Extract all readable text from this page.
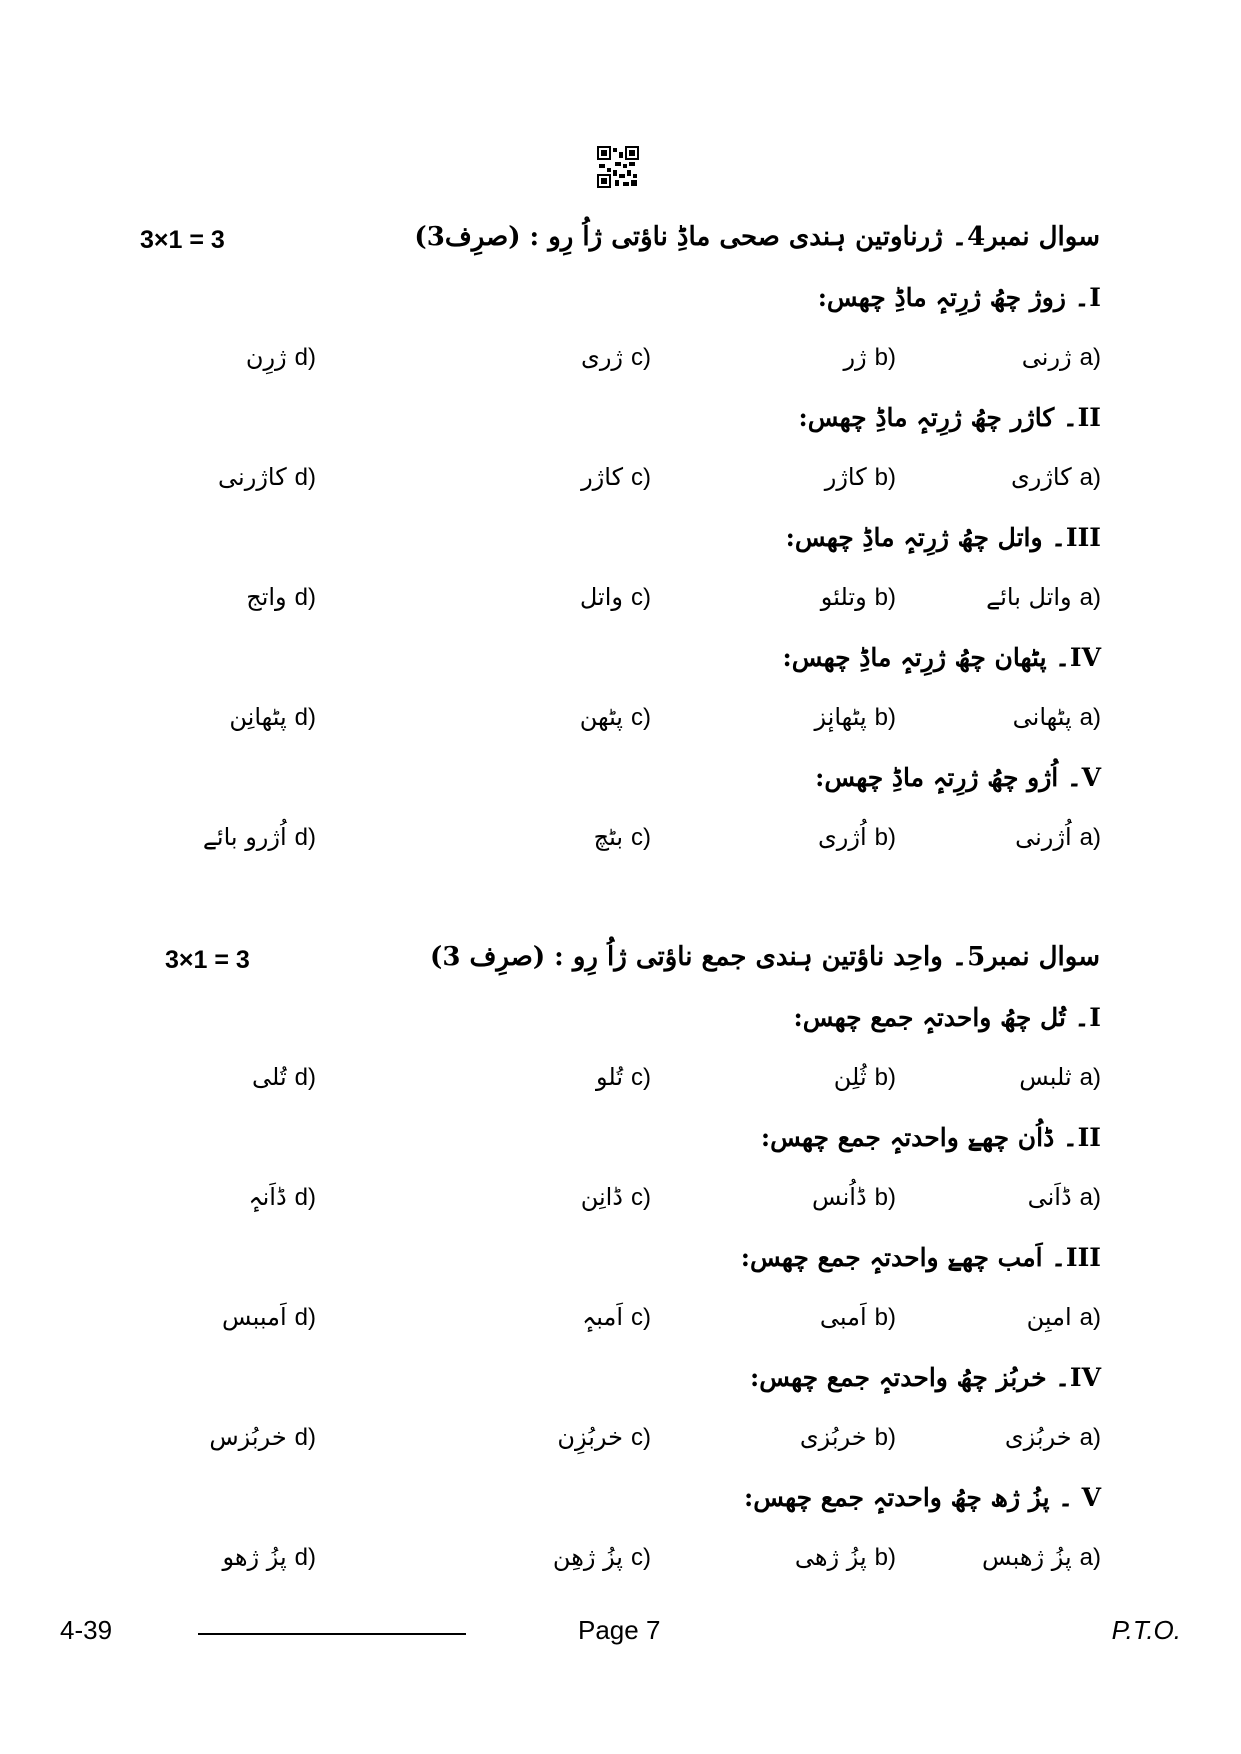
سوال نمبر4۔ ژرناوتین ہندی صحی ماڈِ ناؤتی ژاُ رِو : (صرِف3)
3×1 = 3
I۔ زوژ چھُ ژرِتہٕ ماڈِ چھس:
ژرنی a)
ژر b)
ژری c)
ژرِن d)
II۔ کاژر چھُ ژرِتہٕ ماڈِ چھس:
کاژری a)
کاژر b)
کاژر c)
کاژرنی d)
III۔ واتل چھُ ژرِتہٕ ماڈِ چھس:
واتل بائے a)
وتلئو b)
واتل c)
واتج d)
IV۔ پٹھان چھُ ژرِتہٕ ماڈِ چھس:
پٹھانی a)
پٹھانٕز b)
پٹھن c)
پٹھانِن d)
V۔ اُژو چھُ ژرِتہٕ ماڈِ چھس:
اُژرنی a)
اُژری b)
بٹچ c)
اُژرو بائے d)
سوال نمبر5۔ واحِد ناؤتین ہندی جمع ناؤتی ژاُ رِو : (صرِف 3)
3×1 = 3
I۔ تُل چھُ واحدتہٕ جمع چھس:
ثلبس a)
ثُلِن b)
تُلو c)
تُلی d)
II۔ ڈاُن چھےٚ واحدتہٕ جمع چھس:
ڈاَنی a)
ڈاُنس b)
ڈانِن c)
ڈاَنہٕ d)
III۔ اَمب چھےٚ واحدتہٕ جمع چھس:
امبِن a)
اَمبی b)
اَمبہٕ c)
اَمببس d)
IV۔ خربُز چھُ واحدتہٕ جمع چھس:
خربُزی a)
خربُزی b)
خربُزِن c)
خربُزس d)
V ۔ پزُ ژھ چھُ واحدتہٕ جمع چھس:
پزُ ژھبس a)
پزُ ژھی b)
پزُ ژھِن c)
پزُ ژھو d)
4-39	Page 7	P.T.O.
